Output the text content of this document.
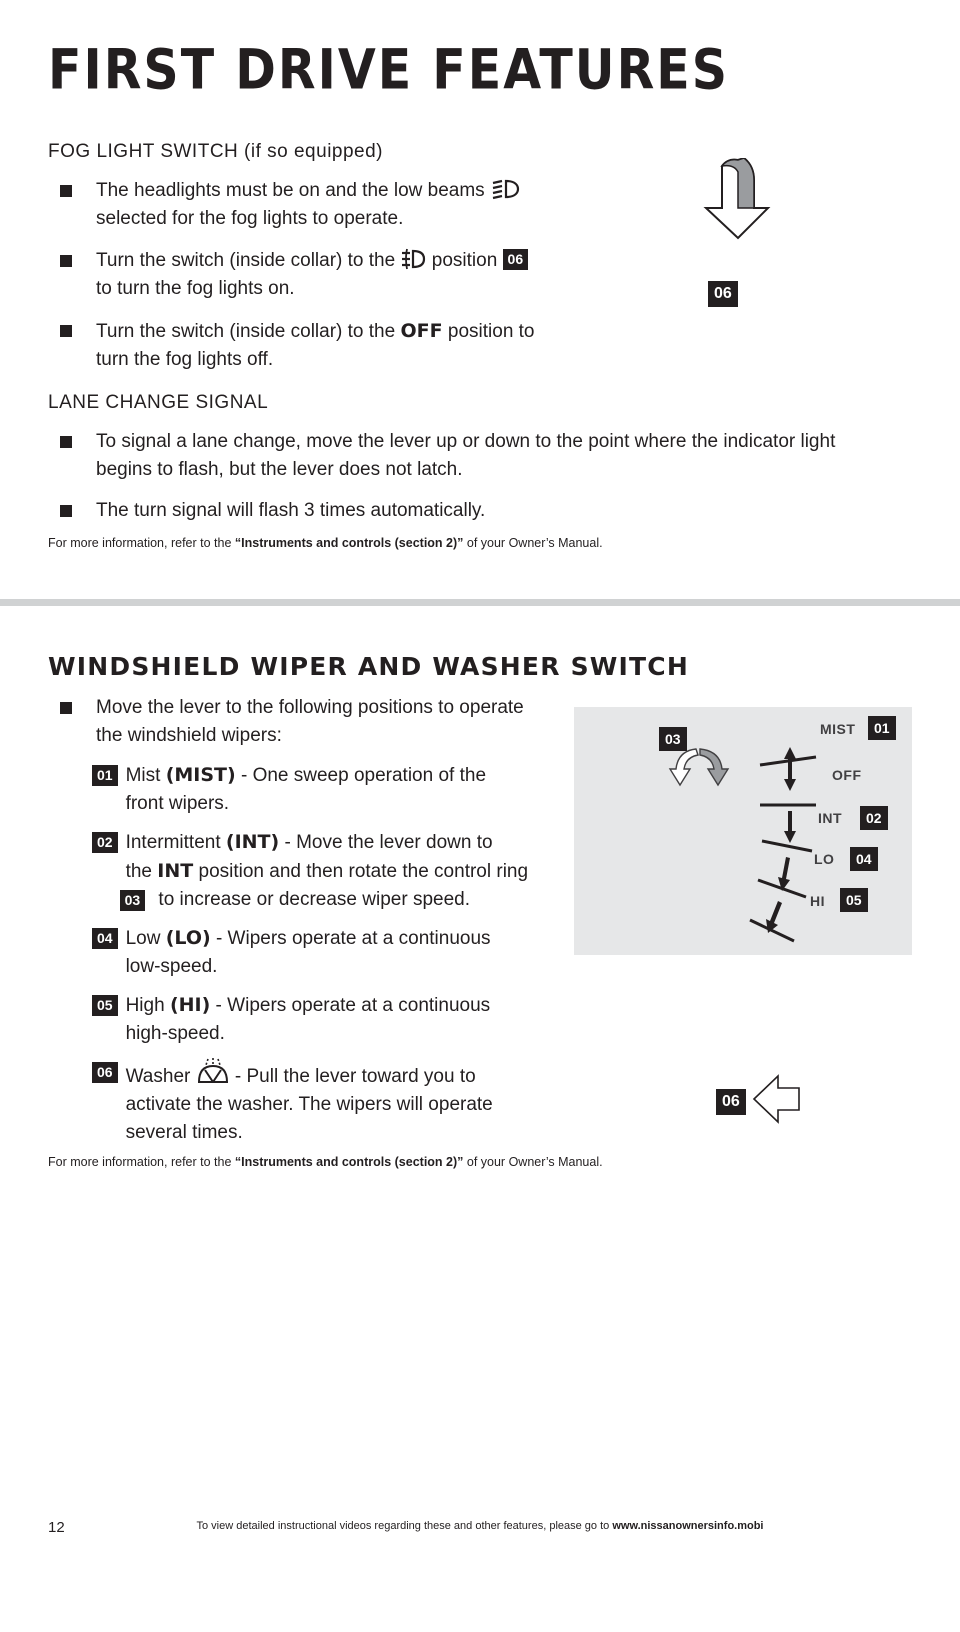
FIRST DRIVE FEATURES
FOG LIGHT SWITCH (if so equipped)
The headlights must be on and the low beams
selected for the fog lights to operate.
Turn the switch (inside collar) to the position 06
to turn the fog lights on.
Turn the switch (inside collar) to the OFF position to
turn the fog lights off.
06
LANE CHANGE SIGNAL
To signal a lane change, move the lever up or down to the point where the indicator light
begins to flash, but the lever does not latch.
The turn signal will flash 3 times automatically.
For more information, refer to the “Instruments and controls (section 2)” of your Owner’s Manual.
WINDSHIELD WIPER AND WASHER SWITCH
Move the lever to the following positions to operate
the windshield wipers:
01 Mist (MIST) - One sweep operation of the
front wipers.
02 Intermittent (INT) - Move the lever down to
the INT position and then rotate the control ring
03 to increase or decrease wiper speed.
04 Low (LO) - Wipers operate at a continuous
low-speed.
05 High (HI) - Wipers operate at a continuous
high-speed.
06 Washer  - Pull the lever toward you to
activate the washer. The wipers will operate
several times.
03
MIST	01
OFF
INT	02
LO	04
HI	05
06
For more information, refer to the “Instruments and controls (section 2)” of your Owner’s Manual.
12	To view detailed instructional videos regarding these and other features, please go to www.nissanownersinfo.mobi
